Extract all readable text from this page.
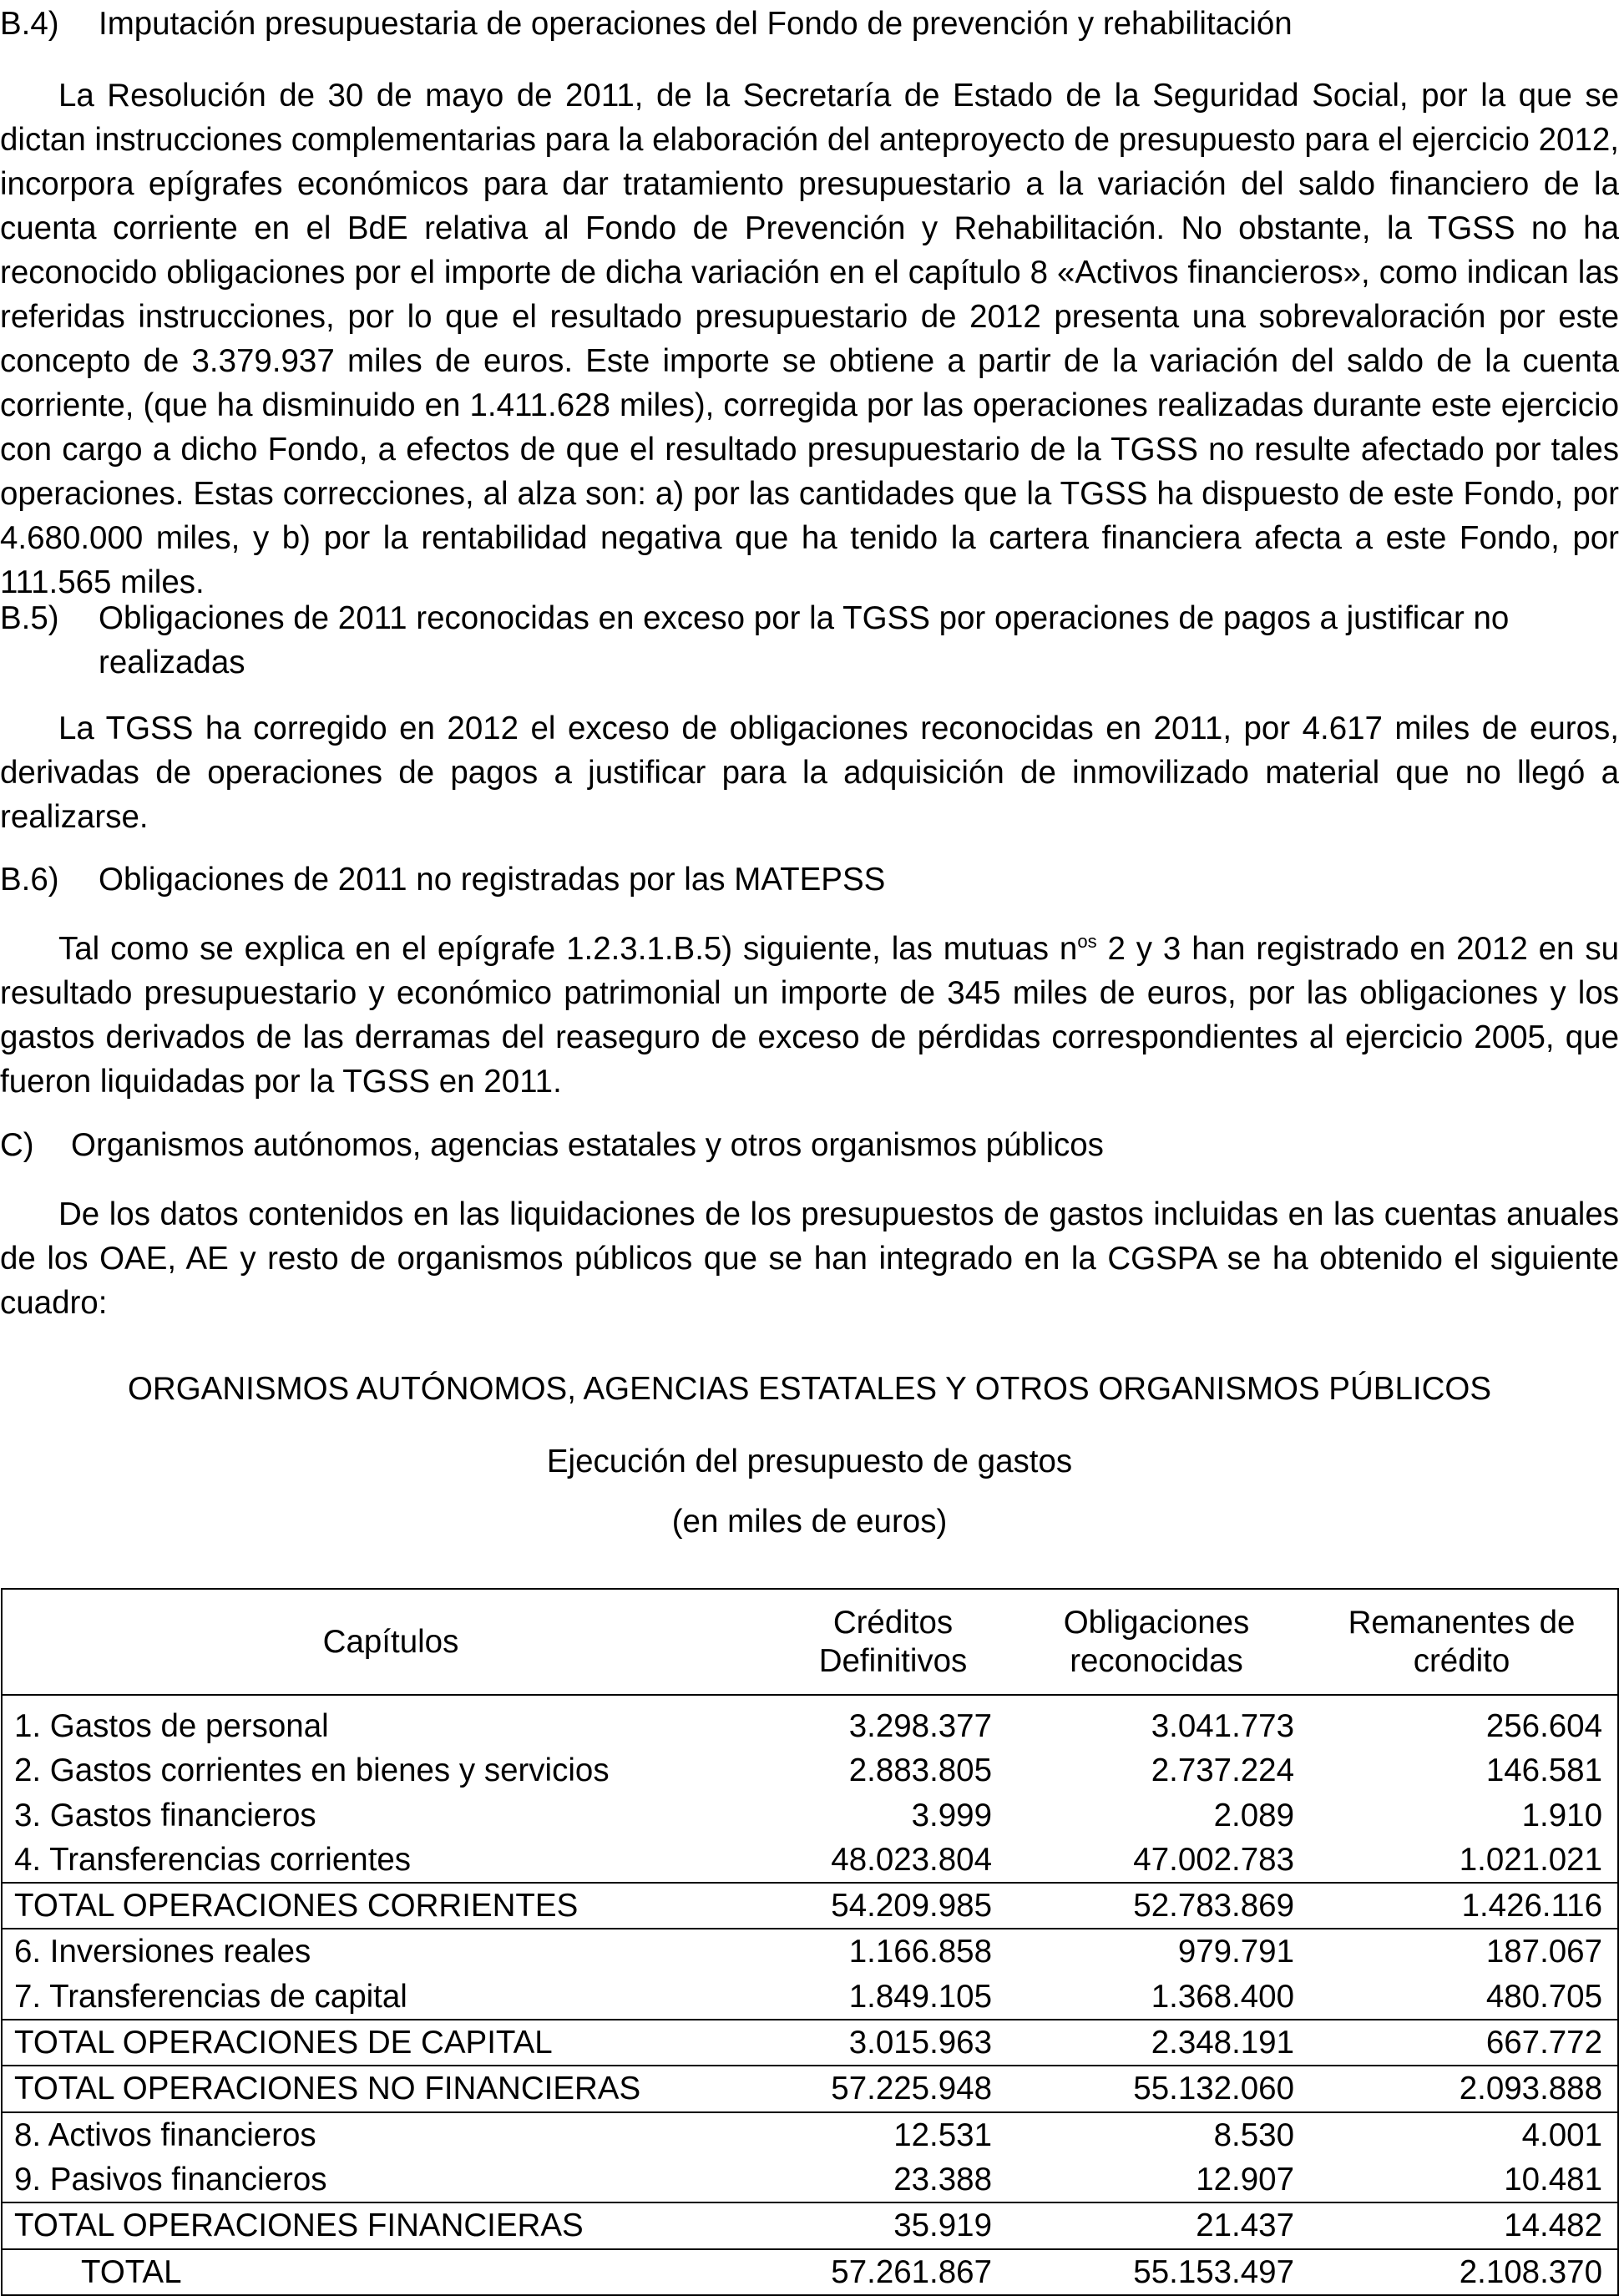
B.4) Imputación presupuestaria de operaciones del Fondo de prevención y rehabilitación

La Resolución de 30 de mayo de 2011, de la Secretaría de Estado de la Seguridad Social, por la que se dictan instrucciones complementarias para la elaboración del anteproyecto de presupuesto para el ejercicio 2012, incorpora epígrafes económicos para dar tratamiento presupuestario a la variación del saldo financiero de la cuenta corriente en el BdE relativa al Fondo de Prevención y Rehabilitación. No obstante, la TGSS no ha reconocido obligaciones por el importe de dicha variación en el capítulo 8 «Activos financieros», como indican las referidas instrucciones, por lo que el resultado presupuestario de 2012 presenta una sobrevaloración por este concepto de 3.379.937 miles de euros. Este importe se obtiene a partir de la variación del saldo de la cuenta corriente, (que ha disminuido en 1.411.628 miles), corregida por las operaciones realizadas durante este ejercicio con cargo a dicho Fondo, a efectos de que el resultado presupuestario de la TGSS no resulte afectado por tales operaciones. Estas correcciones, al alza son: a) por las cantidades que la TGSS ha dispuesto de este Fondo, por 4.680.000 miles, y b) por la rentabilidad negativa que ha tenido la cartera financiera afecta a este Fondo, por 111.565 miles.

B.5) Obligaciones de 2011 reconocidas en exceso por la TGSS por operaciones de pagos a justificar no realizadas

La TGSS ha corregido en 2012 el exceso de obligaciones reconocidas en 2011, por 4.617 miles de euros, derivadas de operaciones de pagos a justificar para la adquisición de inmovilizado material que no llegó a realizarse.

B.6) Obligaciones de 2011 no registradas por las MATEPSS

Tal como se explica en el epígrafe 1.2.3.1.B.5) siguiente, las mutuas $n^{os}$ 2 y 3 han registrado en 2012 en su resultado presupuestario y económico patrimonial un importe de 345 miles de euros, por las obligaciones y los gastos derivados de las derramas del reaseguro de exceso de pérdidas correspondientes al ejercicio 2005, que fueron liquidadas por la TGSS en 2011.

C) Organismos autónomos, agencias estatales y otros organismos públicos

De los datos contenidos en las liquidaciones de los presupuestos de gastos incluidas en las cuentas anuales de los OAE, AE y resto de organismos públicos que se han integrado en la CGSPA se ha obtenido el siguiente cuadro:

ORGANISMOS AUTÓNOMOS, AGENCIAS ESTATALES Y OTROS ORGANISMOS PÚBLICOS

Ejecución del presupuesto de gastos

(en miles de euros)

Capítulos	Créditos Definitivos	Obligaciones reconocidas	Remanentes de crédito
1. Gastos de personal	3.298.377	3.041.773	256.604
2. Gastos corrientes en bienes y servicios	2.883.805	2.737.224	146.581
3. Gastos financieros	3.999	2.089	1.910
4. Transferencias corrientes	48.023.804	47.002.783	1.021.021
TOTAL OPERACIONES CORRIENTES	54.209.985	52.783.869	1.426.116
6. Inversiones reales	1.166.858	979.791	187.067
7. Transferencias de capital	1.849.105	1.368.400	480.705
TOTAL OPERACIONES DE CAPITAL	3.015.963	2.348.191	667.772
TOTAL OPERACIONES NO FINANCIERAS	57.225.948	55.132.060	2.093.888
8. Activos financieros	12.531	8.530	4.001
9. Pasivos financieros	23.388	12.907	10.481
TOTAL OPERACIONES FINANCIERAS	35.919	21.437	14.482
TOTAL	57.261.867	55.153.497	2.108.370
